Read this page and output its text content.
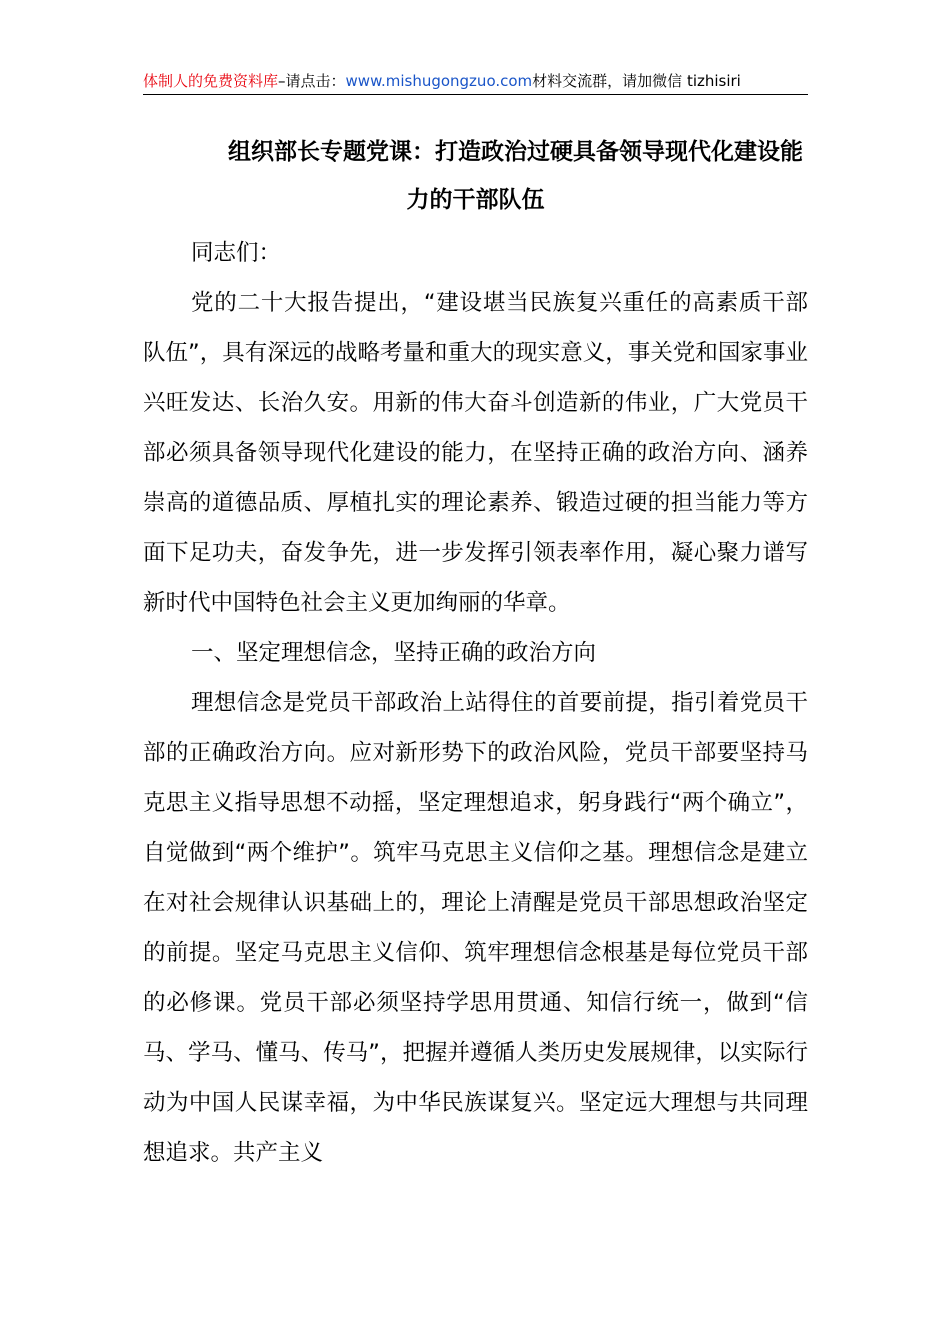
体制人的免费资料库–请点击：www.mishugongzuo.com材料交流群，请加微信 tizhisiri
组织部长专题党课：打造政治过硬具备领导现代化建设能
力的干部队伍

同志们：

党的二十大报告提出，“建设堪当民族复兴重任的高素质干部队伍”，具有深远的战略考量和重大的现实意义，事关党和国家事业兴旺发达、长治久安。用新的伟大奋斗创造新的伟业，广大党员干部必须具备领导现代化建设的能力，在坚持正确的政治方向、涵养崇高的道德品质、厚植扎实的理论素养、锻造过硬的担当能力等方面下足功夫，奋发争先，进一步发挥引领表率作用，凝心聚力谱写新时代中国特色社会主义更加绚丽的华章。

一、坚定理想信念，坚持正确的政治方向

理想信念是党员干部政治上站得住的首要前提，指引着党员干部的正确政治方向。应对新形势下的政治风险，党员干部要坚持马克思主义指导思想不动摇，坚定理想追求，躬身践行“两个确立”，自觉做到“两个维护”。筑牢马克思主义信仰之基。理想信念是建立在对社会规律认识基础上的，理论上清醒是党员干部思想政治坚定的前提。坚定马克思主义信仰、筑牢理想信念根基是每位党员干部的必修课。党员干部必须坚持学思用贯通、知信行统一，做到“信马、学马、懂马、传马”，把握并遵循人类历史发展规律，以实际行动为中国人民谋幸福，为中华民族谋复兴。坚定远大理想与共同理想追求。共产主义
